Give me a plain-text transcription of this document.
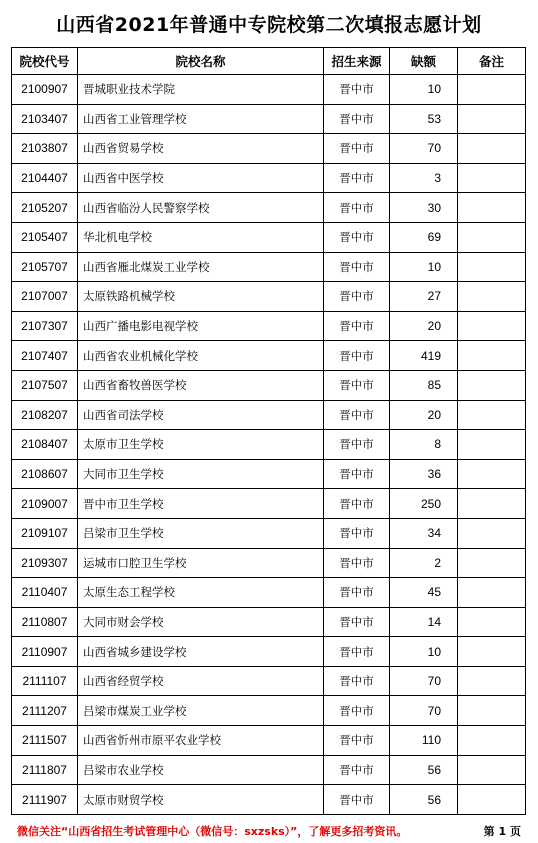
山西省2021年普通中专院校第二次填报志愿计划
院校代号	院校名称	招生来源	缺额	备注
2100907	晋城职业技术学院	晋中市	10	
2103407	山西省工业管理学校	晋中市	53	
2103807	山西省贸易学校	晋中市	70	
2104407	山西省中医学校	晋中市	3	
2105207	山西省临汾人民警察学校	晋中市	30	
2105407	华北机电学校	晋中市	69	
2105707	山西省雁北煤炭工业学校	晋中市	10	
2107007	太原铁路机械学校	晋中市	27	
2107307	山西广播电影电视学校	晋中市	20	
2107407	山西省农业机械化学校	晋中市	419	
2107507	山西省畜牧兽医学校	晋中市	85	
2108207	山西省司法学校	晋中市	20	
2108407	太原市卫生学校	晋中市	8	
2108607	大同市卫生学校	晋中市	36	
2109007	晋中市卫生学校	晋中市	250	
2109107	吕梁市卫生学校	晋中市	34	
2109307	运城市口腔卫生学校	晋中市	2	
2110407	太原生态工程学校	晋中市	45	
2110807	大同市财会学校	晋中市	14	
2110907	山西省城乡建设学校	晋中市	10	
2111107	山西省经贸学校	晋中市	70	
2111207	吕梁市煤炭工业学校	晋中市	70	
2111507	山西省忻州市原平农业学校	晋中市	110	
2111807	吕梁市农业学校	晋中市	56	
2111907	太原市财贸学校	晋中市	56	
微信关注“山西省招生考试管理中心（微信号：sxzsks）”，了解更多招考资讯。	第 1 页
